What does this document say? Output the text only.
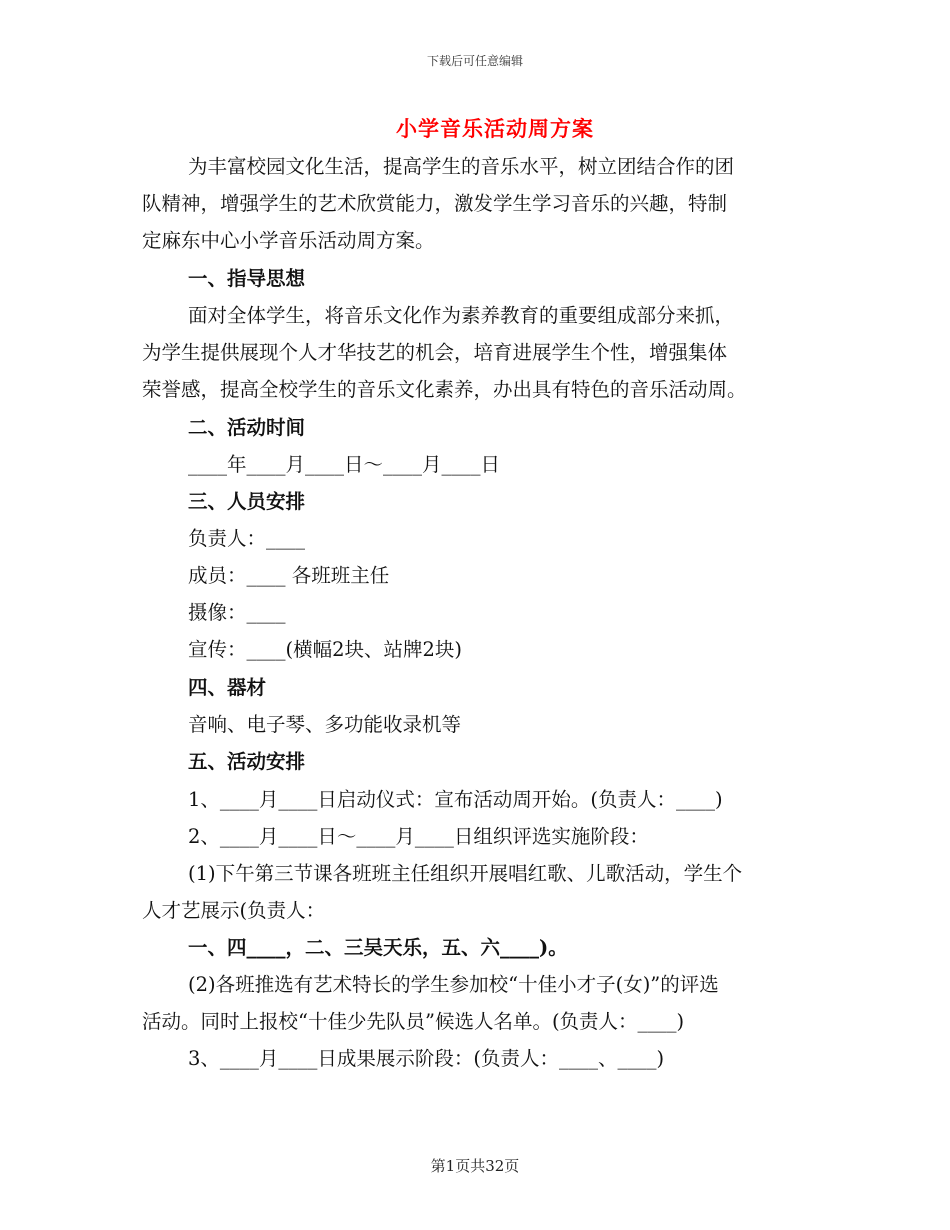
下载后可任意编辑
小学音乐活动周方案
为丰富校园文化生活，提高学生的音乐水平，树立团结合作的团
队精神，增强学生的艺术欣赏能力，激发学生学习音乐的兴趣，特制
定麻东中心小学音乐活动周方案。
一、指导思想
面对全体学生，将音乐文化作为素养教育的重要组成部分来抓，
为学生提供展现个人才华技艺的机会，培育进展学生个性，增强集体
荣誉感，提高全校学生的音乐文化素养，办出具有特色的音乐活动周。
二、活动时间
____年____月____日～____月____日
三、人员安排
负责人：____
成员：____ 各班班主任
摄像：____
宣传：____(横幅2块、站牌2块)
四、器材
音响、电子琴、多功能收录机等
五、活动安排
1、____月____日启动仪式：宣布活动周开始。(负责人：____)
2、____月____日～____月____日组织评选实施阶段：
(1)下午第三节课各班班主任组织开展唱红歌、儿歌活动，学生个
人才艺展示(负责人：
一、四____，二、三吴天乐，五、六____)。
(2)各班推选有艺术特长的学生参加校“十佳小才子(女)”的评选
活动。同时上报校“十佳少先队员”候选人名单。(负责人：____)
3、____月____日成果展示阶段：(负责人：____、____)
第1页共32页
